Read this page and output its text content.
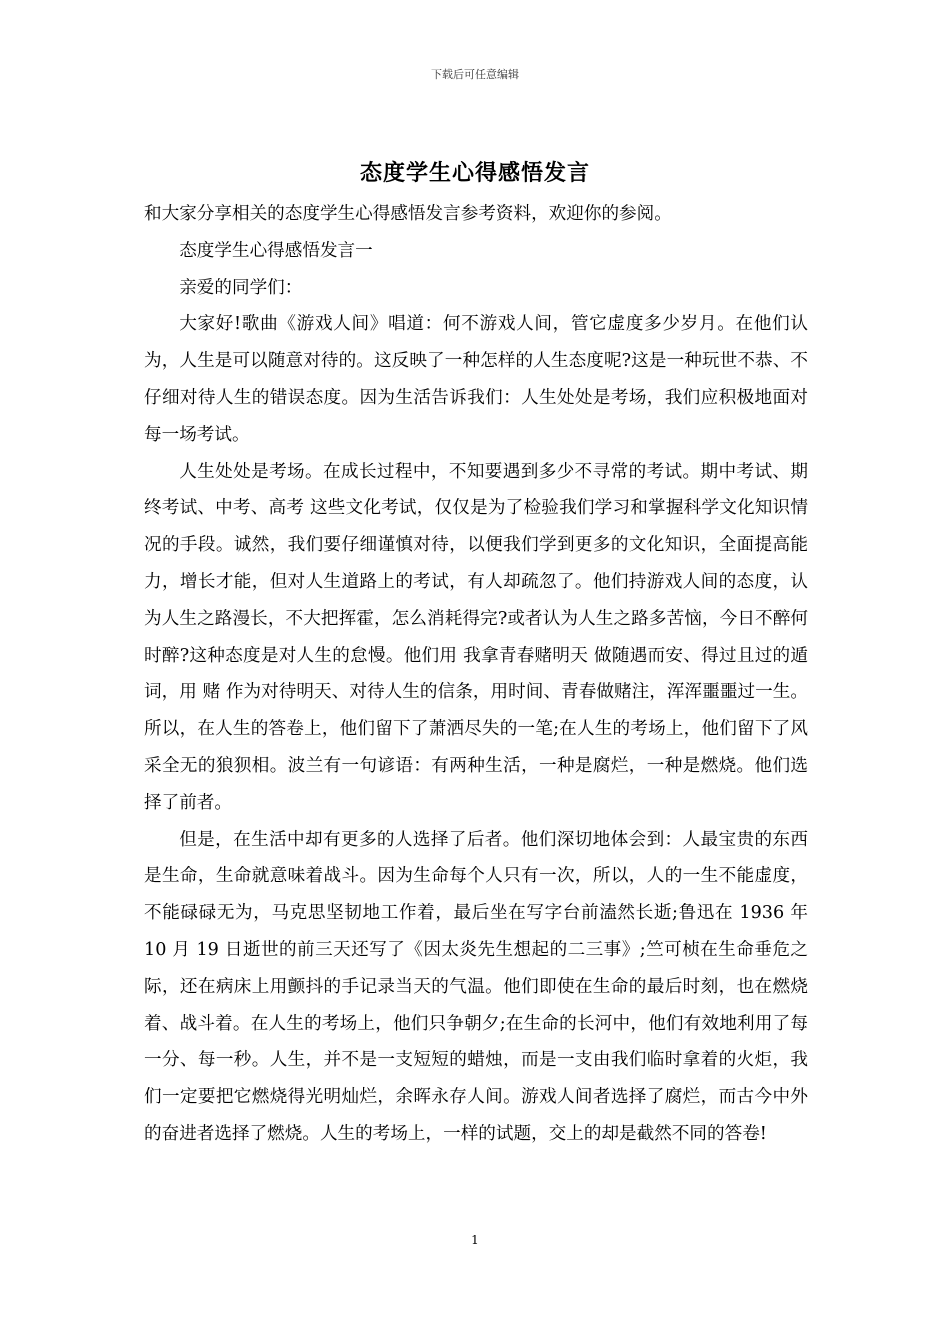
下载后可任意编辑
态度学生心得感悟发言

和大家分享相关的态度学生心得感悟发言参考资料，欢迎你的参阅。

态度学生心得感悟发言一

亲爱的同学们：

大家好!歌曲《游戏人间》唱道：何不游戏人间，管它虚度多少岁月。在他们认为，人生是可以随意对待的。这反映了一种怎样的人生态度呢?这是一种玩世不恭、不仔细对待人生的错误态度。因为生活告诉我们：人生处处是考场，我们应积极地面对每一场考试。

人生处处是考场。在成长过程中，不知要遇到多少不寻常的考试。期中考试、期终考试、中考、高考 这些文化考试，仅仅是为了检验我们学习和掌握科学文化知识情况的手段。诚然，我们要仔细谨慎对待，以便我们学到更多的文化知识，全面提高能力，增长才能，但对人生道路上的考试，有人却疏忽了。他们持游戏人间的态度，认为人生之路漫长，不大把挥霍，怎么消耗得完?或者认为人生之路多苦恼，今日不醉何时醉?这种态度是对人生的怠慢。他们用 我拿青春赌明天 做随遇而安、得过且过的遁词，用 赌 作为对待明天、对待人生的信条，用时间、青春做赌注，浑浑噩噩过一生。所以，在人生的答卷上，他们留下了萧洒尽失的一笔;在人生的考场上，他们留下了风采全无的狼狈相。波兰有一句谚语：有两种生活，一种是腐烂，一种是燃烧。他们选择了前者。

但是，在生活中却有更多的人选择了后者。他们深切地体会到：人最宝贵的东西是生命，生命就意味着战斗。因为生命每个人只有一次，所以，人的一生不能虚度，不能碌碌无为，马克思坚韧地工作着，最后坐在写字台前溘然长逝;鲁迅在 1936 年 10 月 19 日逝世的前三天还写了《因太炎先生想起的二三事》;竺可桢在生命垂危之际，还在病床上用颤抖的手记录当天的气温。他们即使在生命的最后时刻，也在燃烧着、战斗着。在人生的考场上，他们只争朝夕;在生命的长河中，他们有效地利用了每一分、每一秒。人生，并不是一支短短的蜡烛，而是一支由我们临时拿着的火炬，我们一定要把它燃烧得光明灿烂，余晖永存人间。游戏人间者选择了腐烂，而古今中外的奋进者选择了燃烧。人生的考场上，一样的试题，交上的却是截然不同的答卷!

1
